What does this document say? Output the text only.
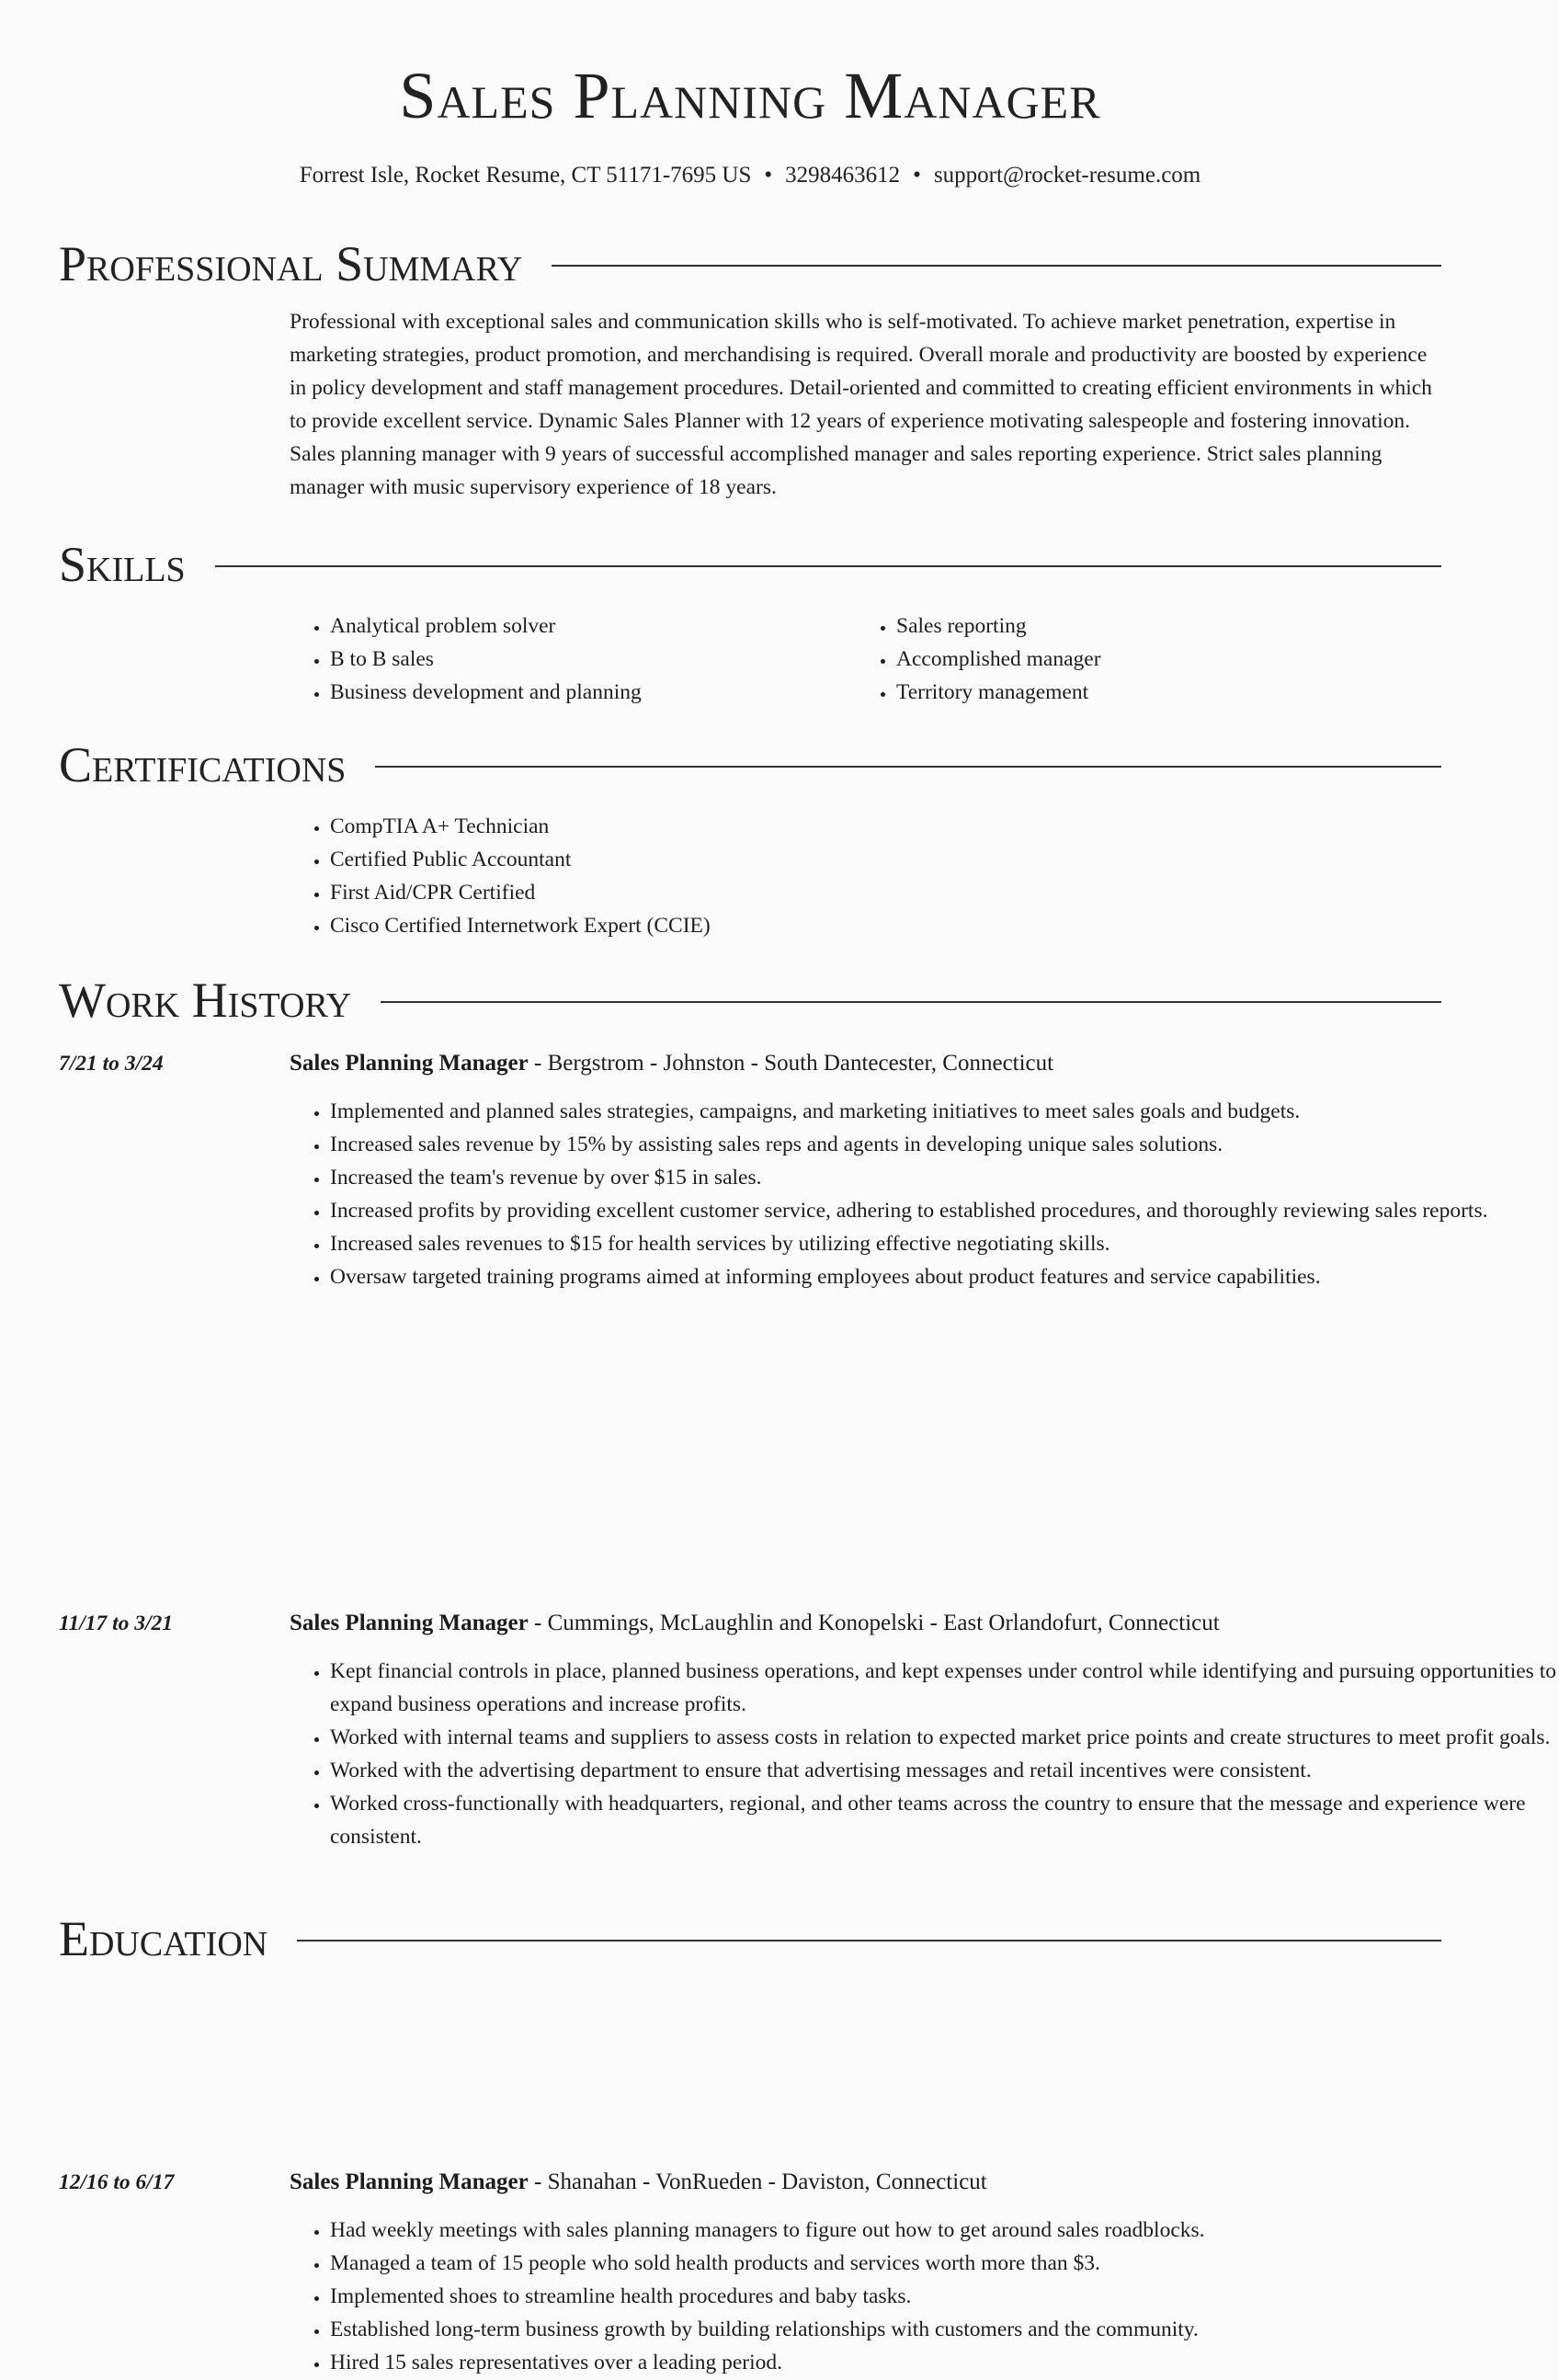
Sales Planning Manager
Forrest Isle, Rocket Resume, CT 51171-7695 US • 3298463612 • support@rocket-resume.com
Professional Summary

Professional with exceptional sales and communication skills who is self-motivated. To achieve market penetration, expertise in marketing strategies, product promotion, and merchandising is required. Overall morale and productivity are boosted by experience in policy development and staff management procedures. Detail-oriented and committed to creating efficient environments in which to provide excellent service. Dynamic Sales Planner with 12 years of experience motivating salespeople and fostering innovation. Sales planning manager with 9 years of successful accomplished manager and sales reporting experience. Strict sales planning manager with music supervisory experience of 18 years.

Skills
• Analytical problem solver
• B to B sales
• Business development and planning
• Sales reporting
• Accomplished manager
• Territory management
Certifications
• CompTIA A+ Technician
• Certified Public Accountant
• First Aid/CPR Certified
• Cisco Certified Internetwork Expert (CCIE)
Work History
7/21 to 3/24	Sales Planning Manager - Bergstrom - Johnston - South Dantecester, Connecticut
• Implemented and planned sales strategies, campaigns, and marketing initiatives to meet sales goals and budgets.
• Increased sales revenue by 15% by assisting sales reps and agents in developing unique sales solutions.
• Increased the team's revenue by over $15 in sales.
• Increased profits by providing excellent customer service, adhering to established procedures, and thoroughly reviewing sales reports.
• Increased sales revenues to $15 for health services by utilizing effective negotiating skills.
• Oversaw targeted training programs aimed at informing employees about product features and service capabilities.
11/17 to 3/21	Sales Planning Manager - Cummings, McLaughlin and Konopelski - East Orlandofurt, Connecticut
• Kept financial controls in place, planned business operations, and kept expenses under control while identifying and pursuing opportunities to expand business operations and increase profits.
• Worked with internal teams and suppliers to assess costs in relation to expected market price points and create structures to meet profit goals.
• Worked with the advertising department to ensure that advertising messages and retail incentives were consistent.
• Worked cross-functionally with headquarters, regional, and other teams across the country to ensure that the message and experience were consistent.
12/16 to 6/17	Sales Planning Manager - Shanahan - VonRueden - Daviston, Connecticut
• Had weekly meetings with sales planning managers to figure out how to get around sales roadblocks.
• Managed a team of 15 people who sold health products and services worth more than $3.
• Implemented shoes to streamline health procedures and baby tasks.
• Established long-term business growth by building relationships with customers and the community.
• Hired 15 sales representatives over a leading period.
Education
